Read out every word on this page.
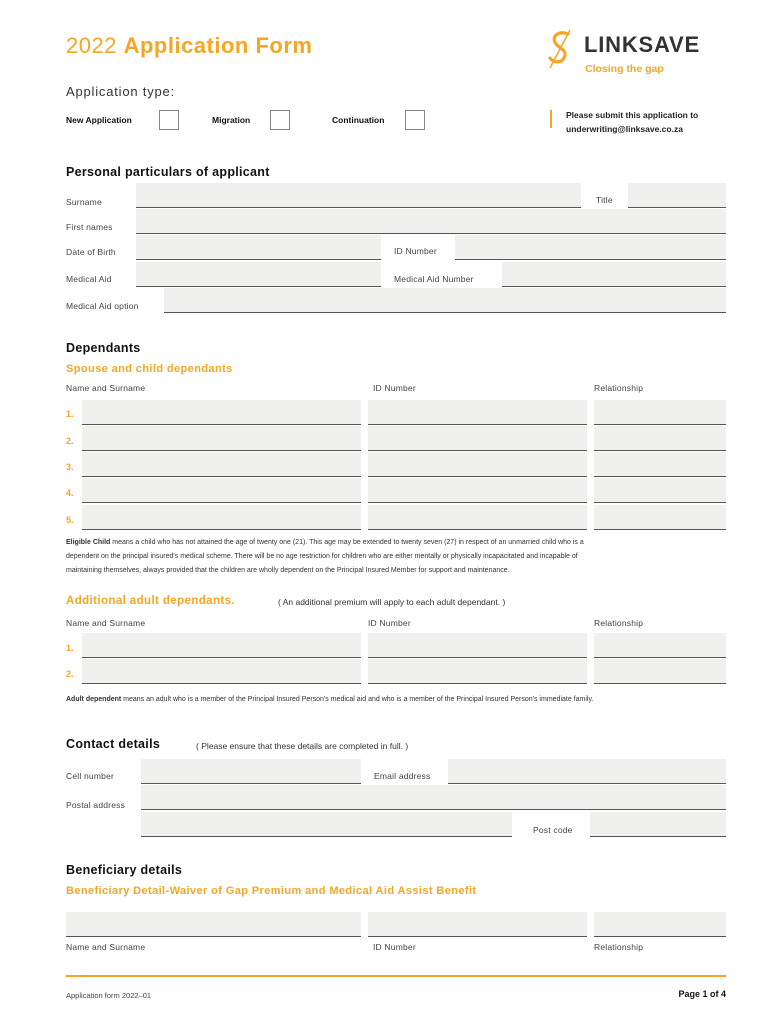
2022 Application Form	LINKSAVE
Closing the gap
Application type:
New Application	Migration	Continuation	Please submit this application to
underwriting@linksave.co.za
Personal particulars of applicant
Surname	Title
First names
Date of Birth	ID Number
Medical Aid	Medical Aid Number
Medical Aid option
Dependants
Spouse and child dependants
Name and Surname	ID Number	Relationship
1.
2.
3.
4.
5.
Eligible Child means a child who has not attained the age of twenty one (21). This age may be extended to twenty seven (27) in respect of an unmarried child who is a
dependent on the principal insured's medical scheme. There will be no age restriction for children who are either mentally or physically incapacitated and incapable of
maintaining themselves, always provided that the children are wholly dependent on the Principal Insured Member for support and maintenance.
Additional adult dependants.	( An additional premium will apply to each adult dependant. )
Name and Surname	ID Number	Relationship
1.
2.
Adult dependent means an adult who is a member of the Principal Insured Person's medical aid and who is a member of the Principal Insured Person's immediate family.
Contact details	( Please ensure that these details are completed in full. )
Cell number	Email address
Postal address
Post code
Beneficiary details
Beneficiary Detail-Waiver of Gap Premium and Medical Aid Assist Benefit
Name and Surname	ID Number	Relationship
Application form 2022–01	Page 1 of 4
